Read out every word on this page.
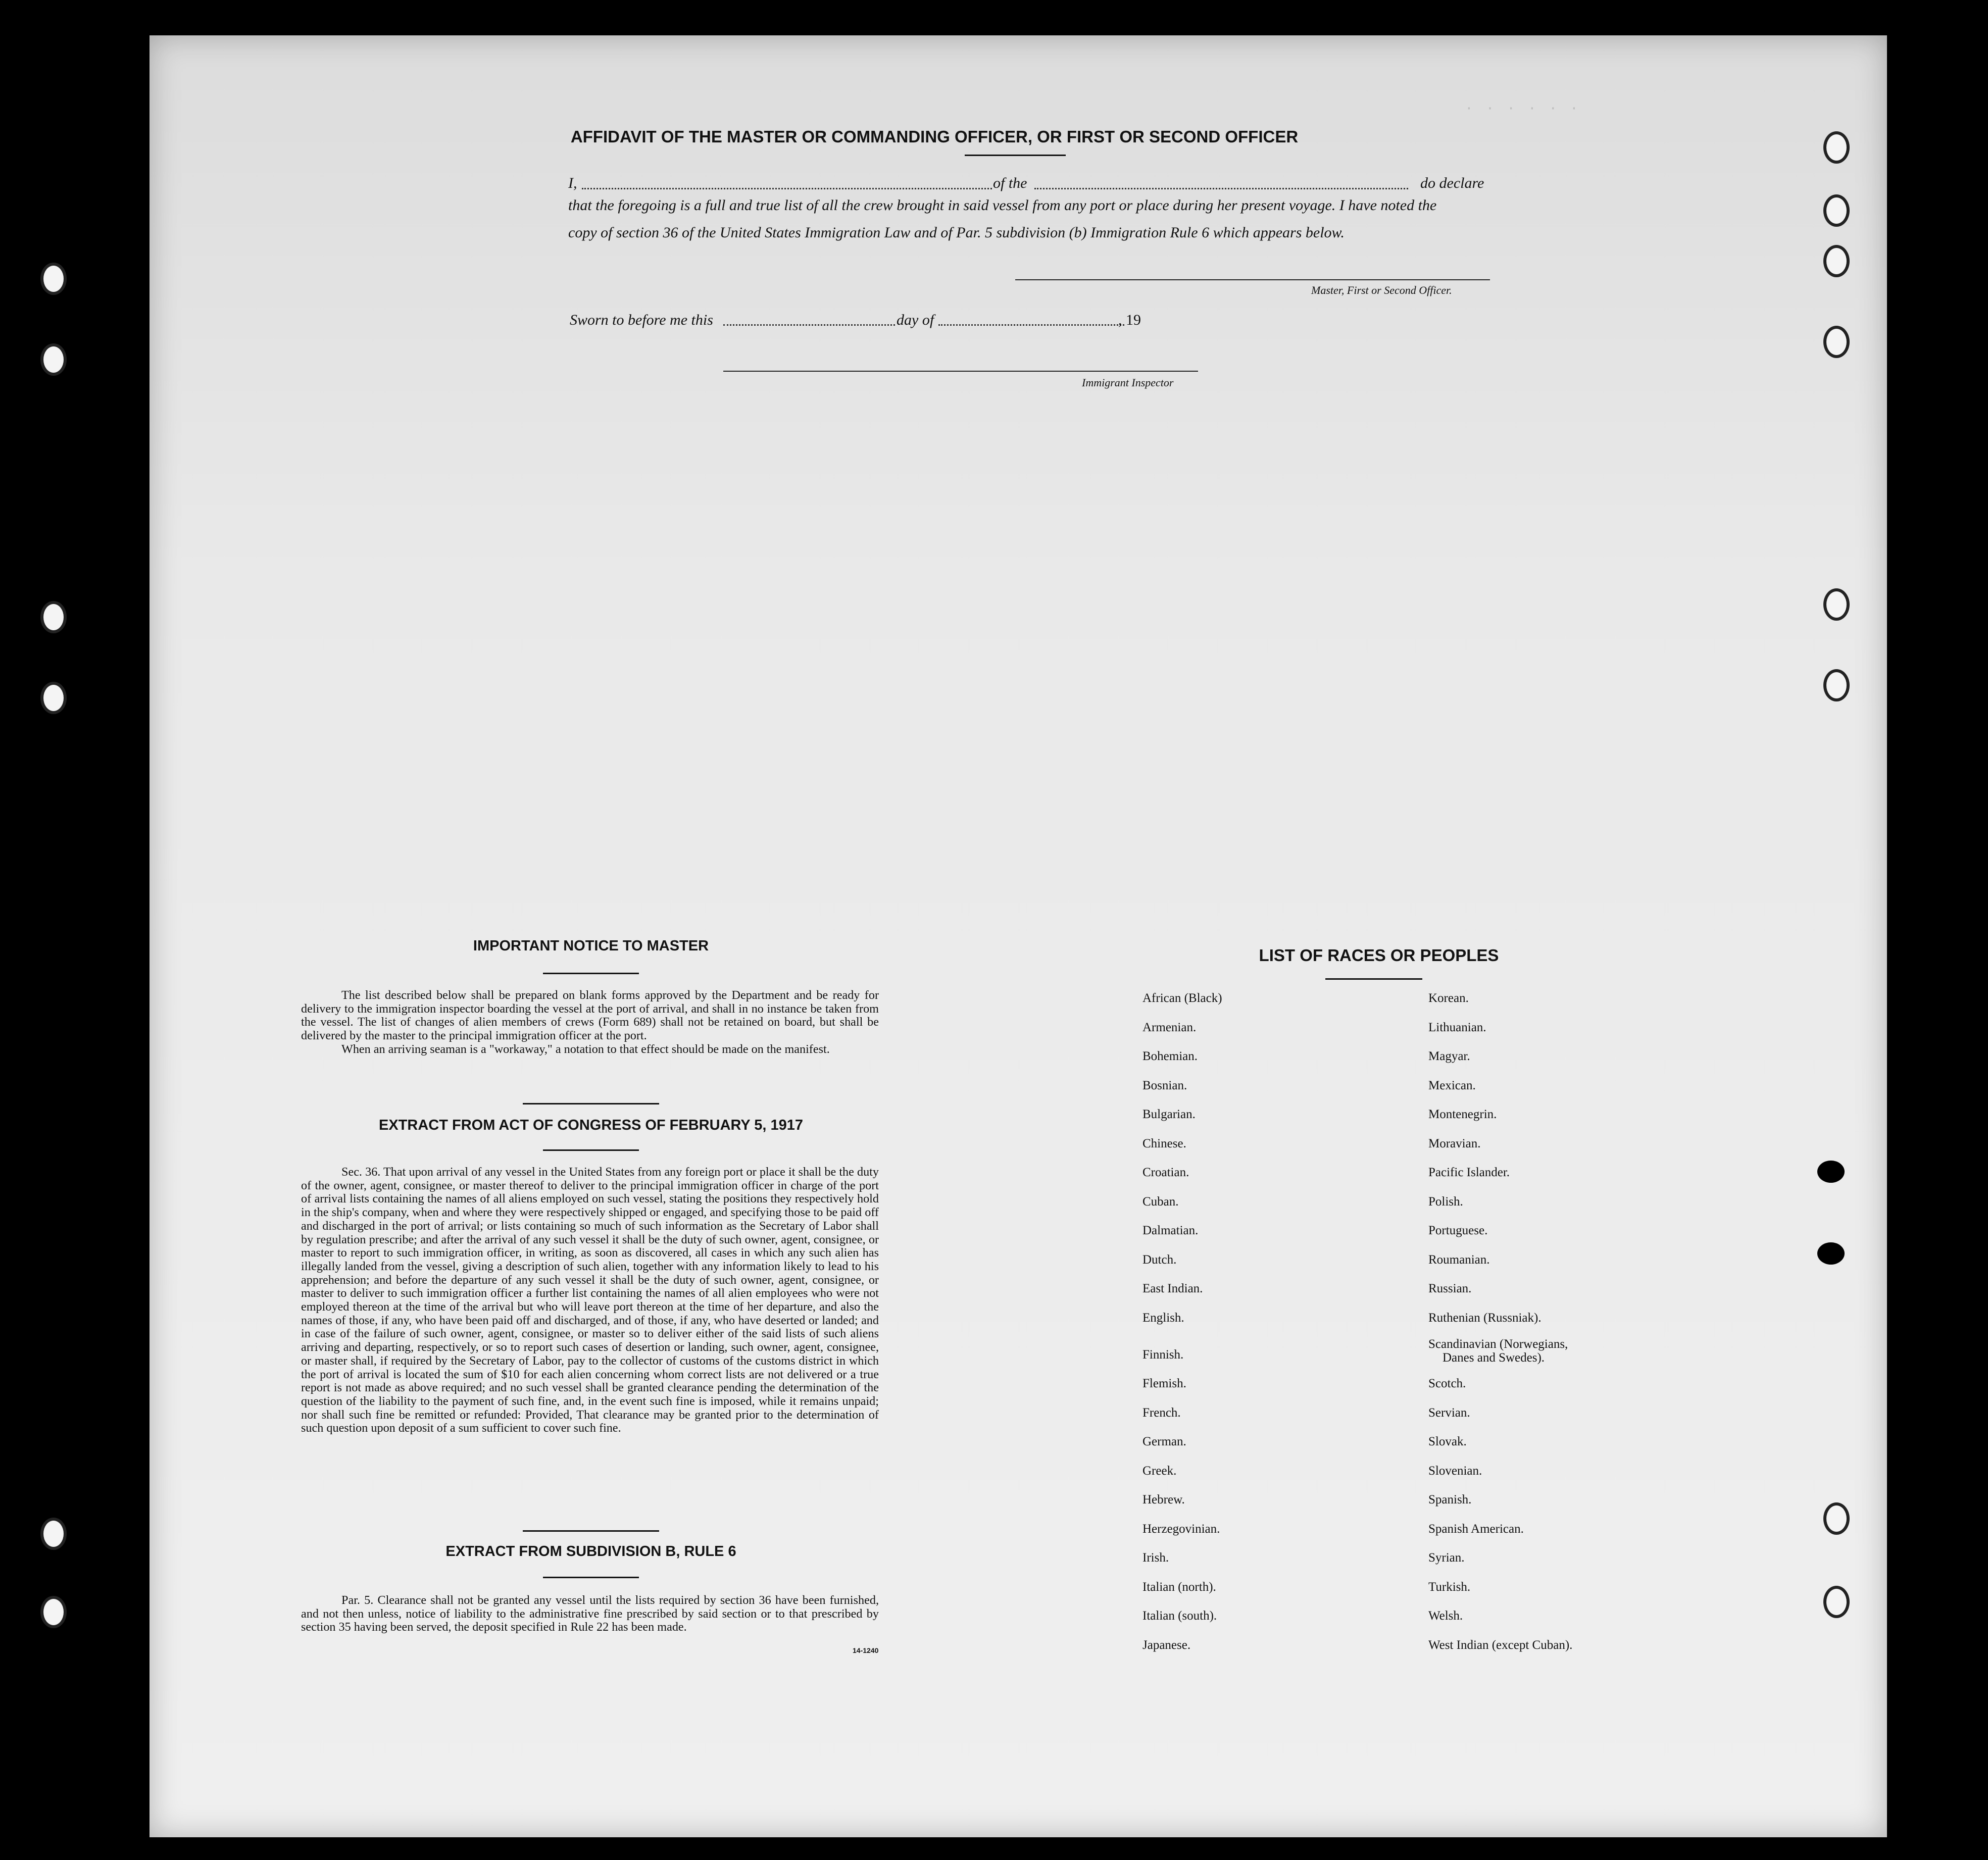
· · · · · ·
AFFIDAVIT OF THE MASTER OR COMMANDING OFFICER, OR FIRST OR SECOND OFFICER
I,	of the	do declare
that the foregoing is a full and true list of all the crew brought in said vessel from any port or place during her present voyage. I have noted the
copy of section 36 of the United States Immigration Law and of Par. 5 subdivision (b) Immigration Rule 6 which appears below.
Master, First or Second Officer.
Sworn to before me this	day of	, 19
Immigrant Inspector
IMPORTANT NOTICE TO MASTER

The list described below shall be prepared on blank forms approved by the Department and be ready for delivery to the immigration inspector boarding the vessel at the port of arrival, and shall in no instance be taken from the vessel. The list of changes of alien members of crews (Form 689) shall not be retained on board, but shall be delivered by the master to the principal immigration officer at the port.

When an arriving seaman is a "workaway," a notation to that effect should be made on the manifest.

EXTRACT FROM ACT OF CONGRESS OF FEBRUARY 5, 1917

Sec. 36. That upon arrival of any vessel in the United States from any foreign port or place it shall be the duty of the owner, agent, consignee, or master thereof to deliver to the principal immigration officer in charge of the port of arrival lists containing the names of all aliens employed on such vessel, stating the positions they respectively hold in the ship's company, when and where they were respectively shipped or engaged, and specifying those to be paid off and discharged in the port of arrival; or lists containing so much of such information as the Secretary of Labor shall by regulation prescribe; and after the arrival of any such vessel it shall be the duty of such owner, agent, consignee, or master to report to such immigration officer, in writing, as soon as discovered, all cases in which any such alien has illegally landed from the vessel, giving a description of such alien, together with any information likely to lead to his apprehension; and before the departure of any such vessel it shall be the duty of such owner, agent, consignee, or master to deliver to such immigration officer a further list containing the names of all alien employees who were not employed thereon at the time of the arrival but who will leave port thereon at the time of her departure, and also the names of those, if any, who have been paid off and discharged, and of those, if any, who have deserted or landed; and in case of the failure of such owner, agent, consignee, or master so to deliver either of the said lists of such aliens arriving and departing, respectively, or so to report such cases of desertion or landing, such owner, agent, consignee, or master shall, if required by the Secretary of Labor, pay to the collector of customs of the customs district in which the port of arrival is located the sum of $10 for each alien concerning whom correct lists are not delivered or a true report is not made as above required; and no such vessel shall be granted clearance pending the determination of the question of the liability to the payment of such fine, and, in the event such fine is imposed, while it remains unpaid; nor shall such fine be remitted or refunded: Provided, That clearance may be granted prior to the determination of such question upon deposit of a sum sufficient to cover such fine.

EXTRACT FROM SUBDIVISION B, RULE 6

Par. 5. Clearance shall not be granted any vessel until the lists required by section 36 have been furnished, and not then unless, notice of liability to the administrative fine prescribed by said section or to that prescribed by section 35 having been served, the deposit specified in Rule 22 has been made.

14-1240
LIST OF RACES OR PEOPLES
African (Black)
Armenian.
Bohemian.
Bosnian.
Bulgarian.
Chinese.
Croatian.
Cuban.
Dalmatian.
Dutch.
East Indian.
English.
Finnish.
Flemish.
French.
German.
Greek.
Hebrew.
Herzegovinian.
Irish.
Italian (north).
Italian (south).
Japanese.
Korean.
Lithuanian.
Magyar.
Mexican.
Montenegrin.
Moravian.
Pacific Islander.
Polish.
Portuguese.
Roumanian.
Russian.
Ruthenian (Russniak).
Scandinavian (Norwegians,
Danes and Swedes).
Scotch.
Servian.
Slovak.
Slovenian.
Spanish.
Spanish American.
Syrian.
Turkish.
Welsh.
West Indian (except Cuban).
